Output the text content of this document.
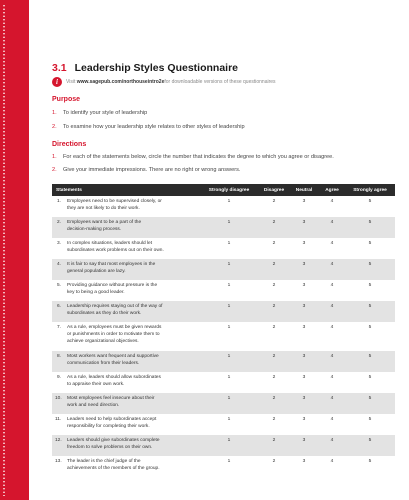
3.1 Leadership Styles Questionnaire
i	Visit
www.sagepub.com/northouseintro2e for downloadable versions of these questionnaires
Purpose
1. To identify your style of leadership
2. To examine how your leadership style relates to other styles of leadership
Directions
1. For each of the statements below, circle the number that indicates the degree to which you agree or disagree.
2. Give your immediate impressions. There are no right or wrong answers.
Statements		Strongly disagree	Disagree	Neutral	Agree	Strongly agree
1.	Employees need to be supervised closely, or
they are not likely to do their work.	1	2	3	4	5
2.	Employees want to be a part of the
decision-making process.	1	2	3	4	5
3.	In complex situations, leaders should let
subordinates work problems out on their own.	1	2	3	4	5
4.	It is fair to say that most employees in the
general population are lazy.	1	2	3	4	5
5.	Providing guidance without pressure is the
key to being a good leader.	1	2	3	4	5
6.	Leadership requires staying out of the way of
subordinates as they do their work.	1	2	3	4	5
7.	As a rule, employees must be given rewards
or punishments in order to motivate them to
achieve organizational objectives.	1	2	3	4	5
8.	Most workers want frequent and supportive
communication from their leaders.	1	2	3	4	5
9.	As a rule, leaders should allow subordinates
to appraise their own work.	1	2	3	4	5
10.	Most employees feel insecure about their
work and need direction.	1	2	3	4	5
11.	Leaders need to help subordinates accept
responsibility for completing their work.	1	2	3	4	5
12.	Leaders should give subordinates complete
freedom to solve problems on their own.	1	2	3	4	5
13.	The leader is the chief judge of the
achievements of the members of the group.	1	2	3	4	5
